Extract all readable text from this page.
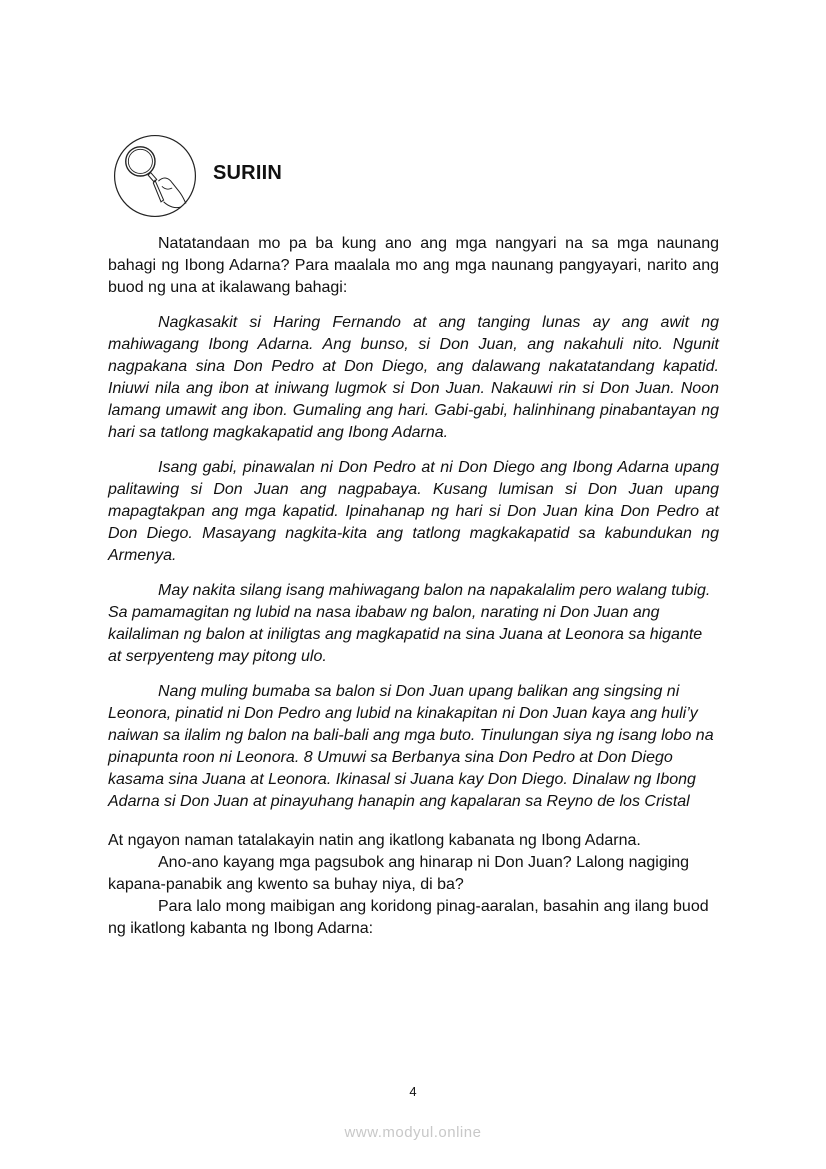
SURIIN

Natatandaan mo pa ba kung ano ang mga nangyari na sa mga naunang bahagi ng Ibong Adarna? Para maalala mo ang mga naunang pangyayari, narito ang buod ng una at ikalawang bahagi:

Nagkasakit si Haring Fernando at ang tanging lunas ay ang awit ng mahiwagang Ibong Adarna. Ang bunso, si Don Juan, ang nakahuli nito. Ngunit nagpakana sina Don Pedro at Don Diego, ang dalawang nakatatandang kapatid. Iniuwi nila ang ibon at iniwang lugmok si Don Juan. Nakauwi rin si Don Juan. Noon lamang umawit ang ibon. Gumaling ang hari. Gabi-gabi, halinhinang pinabantayan ng hari sa tatlong magkakapatid ang Ibong Adarna.

Isang gabi, pinawalan ni Don Pedro at ni Don Diego ang Ibong Adarna upang palitawing si Don Juan ang nagpabaya. Kusang lumisan si Don Juan upang mapagtakpan ang mga kapatid. Ipinahanap ng hari si Don Juan kina Don Pedro at Don Diego. Masayang nagkita-kita ang tatlong magkakapatid sa kabundukan ng Armenya.

May nakita silang isang mahiwagang balon na napakalalim pero walang tubig. Sa pamamagitan ng lubid na nasa ibabaw ng balon, narating ni Don Juan ang kailaliman ng balon at iniligtas ang magkapatid na sina Juana at Leonora sa higante at serpyenteng may pitong ulo.

Nang muling bumaba sa balon si Don Juan upang balikan ang singsing ni Leonora, pinatid ni Don Pedro ang lubid na kinakapitan ni Don Juan kaya ang huli’y naiwan sa ilalim ng balon na bali-bali ang mga buto. Tinulungan siya ng isang lobo na pinapunta roon ni Leonora. 8 Umuwi sa Berbanya sina Don Pedro at Don Diego kasama sina Juana at Leonora. Ikinasal si Juana kay Don Diego. Dinalaw ng Ibong Adarna si Don Juan at pinayuhang hanapin ang kapalaran sa Reyno de los Cristal

At ngayon naman tatalakayin natin ang ikatlong kabanata ng Ibong Adarna.

Ano-ano kayang mga pagsubok ang hinarap ni Don Juan? Lalong nagiging kapana-panabik ang kwento sa buhay niya, di ba?

Para lalo mong maibigan ang koridong pinag-aaralan, basahin ang ilang buod ng ikatlong kabanta ng Ibong Adarna:

4
www.modyul.online
